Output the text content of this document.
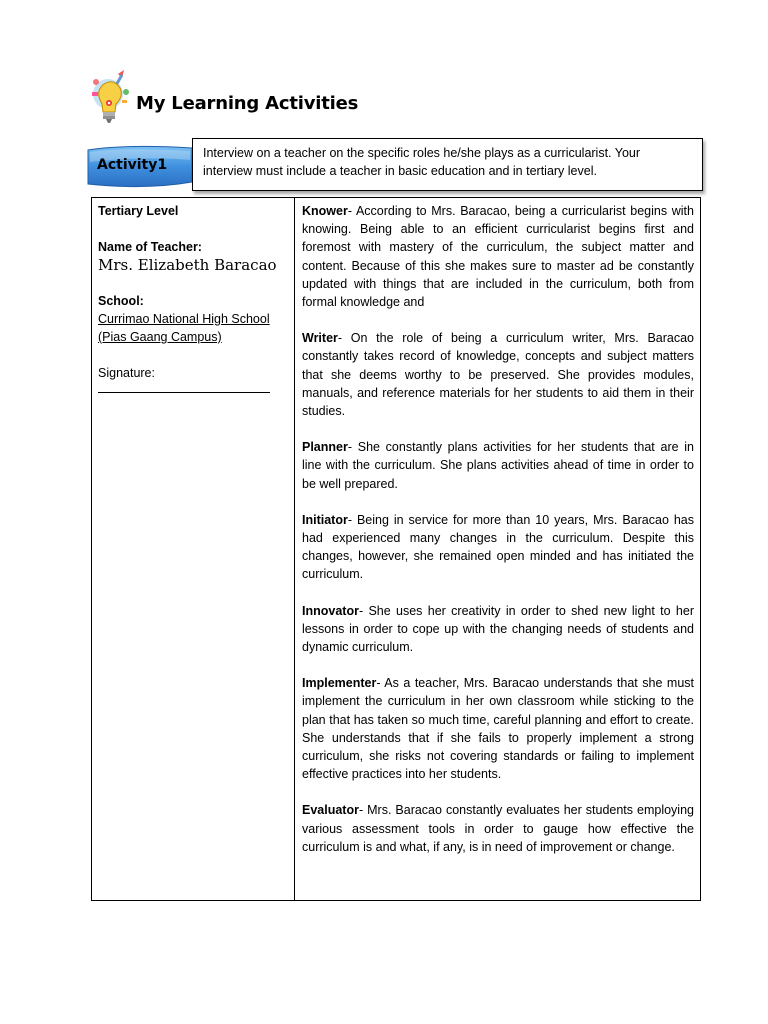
My Learning Activities
Activity1
Tertiary Level
Name of Teacher:
Mrs. Elizabeth Baracao
School:
Currimao National High School
(Pias Gaang Campus)
Signature:

Knower- According to Mrs. Baracao, being a curricularist begins with knowing. Being able to an efficient curricularist begins first and foremost with mastery of the curriculum, the subject matter and content. Because of this she makes sure to master ad be constantly updated with things that are included in the curriculum, both from formal knowledge and

Writer- On the role of being a curriculum writer, Mrs. Baracao constantly takes record of knowledge, concepts and subject matters that she deems worthy to be preserved. She provides modules, manuals, and reference materials for her students to aid them in their studies.

Planner- She constantly plans activities for her students that are in line with the curriculum. She plans activities ahead of time in order to be well prepared.

Initiator- Being in service for more than 10 years, Mrs. Baracao has had experienced many changes in the curriculum. Despite this changes, however, she remained open minded and has initiated the curriculum.

Innovator- She uses her creativity in order to shed new light to her lessons in order to cope up with the changing needs of students and dynamic curriculum.

Implementer- As a teacher, Mrs. Baracao understands that she must implement the curriculum in her own classroom while sticking to the plan that has taken so much time, careful planning and effort to create. She understands that if she fails to properly implement a strong curriculum, she risks not covering standards or failing to implement effective practices into her students.

Evaluator- Mrs. Baracao constantly evaluates her students employing various assessment tools in order to gauge how effective the curriculum is and what, if any, is in need of improvement or change.

Interview on a teacher on the specific roles he/she plays as a curricularist. Your interview must include a teacher in basic education and in tertiary level.
